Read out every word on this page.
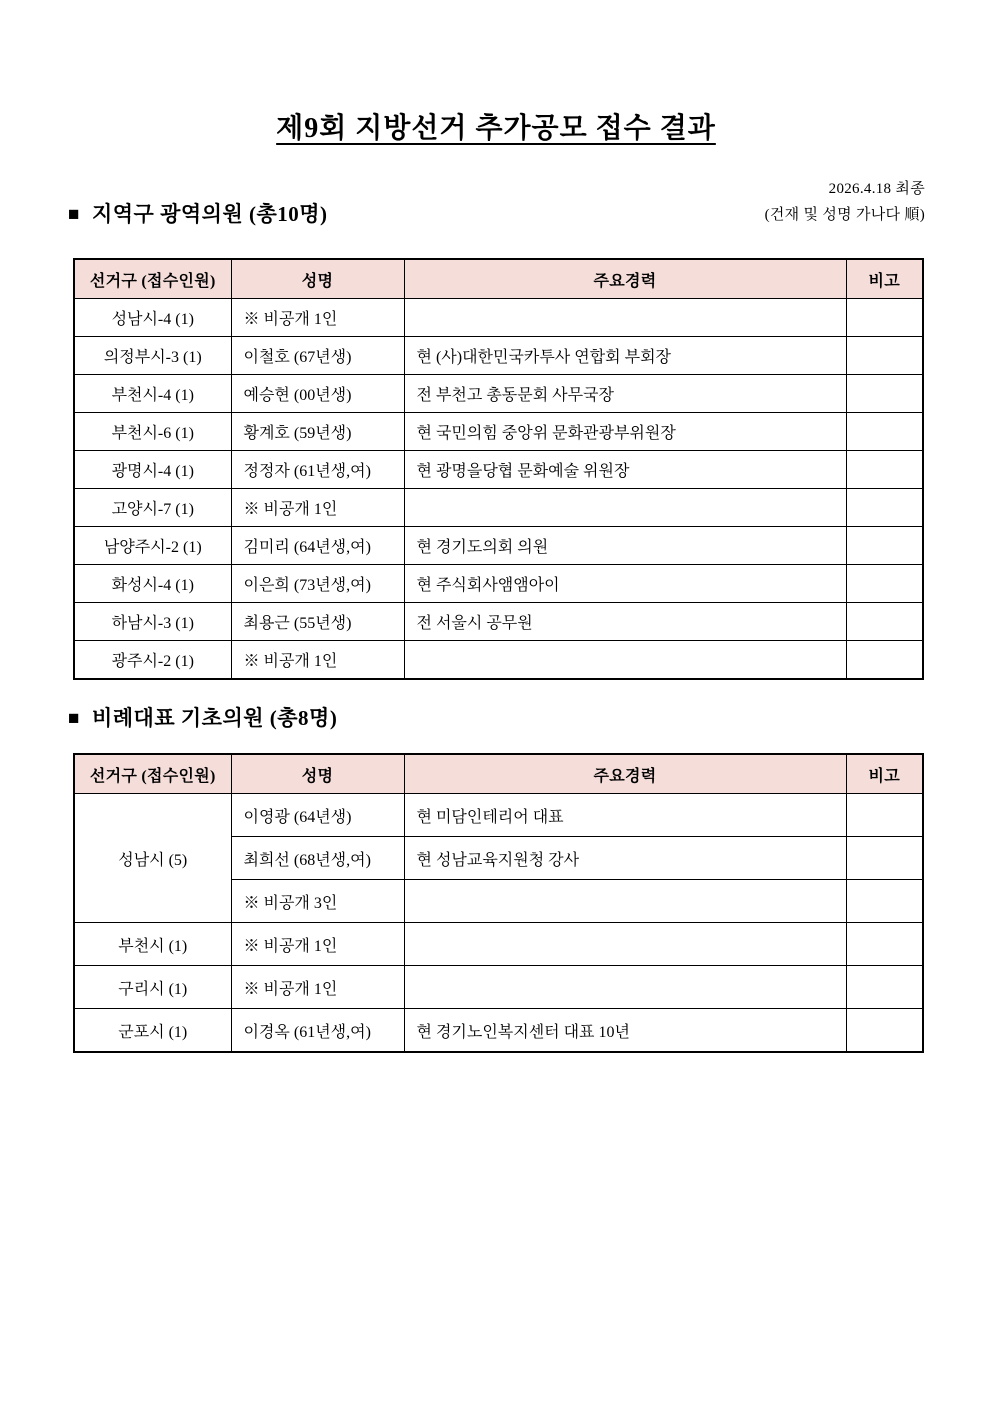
제9회 지방선거 추가공모 접수 결과
2026.4.18 최종
(건재 및 성명 가나다 順)
■ 지역구 광역의원 (총10명)
선거구 (접수인원)	성명	주요경력	비고
성남시-4 (1)	※ 비공개 1인		
의정부시-3 (1)	이철호 (67년생)	현 (사)대한민국카투사 연합회 부회장	
부천시-4 (1)	예승현 (00년생)	전 부천고 총동문회 사무국장	
부천시-6 (1)	황계호 (59년생)	현 국민의힘 중앙위 문화관광부위원장	
광명시-4 (1)	정정자 (61년생,여)	현 광명을당협 문화예술 위원장	
고양시-7 (1)	※ 비공개 1인		
남양주시-2 (1)	김미리 (64년생,여)	현 경기도의회 의원	
화성시-4 (1)	이은희 (73년생,여)	현 주식회사앰앰아이	
하남시-3 (1)	최용근 (55년생)	전 서울시 공무원	
광주시-2 (1)	※ 비공개 1인		
■ 비례대표 기초의원 (총8명)
선거구 (접수인원)	성명	주요경력	비고
성남시 (5)	이영광 (64년생)	현 미담인테리어 대표	
	최희선 (68년생,여)	현 성남교육지원청 강사	
	※ 비공개 3인		
부천시 (1)	※ 비공개 1인		
구리시 (1)	※ 비공개 1인		
군포시 (1)	이경옥 (61년생,여)	현 경기노인복지센터 대표 10년	
